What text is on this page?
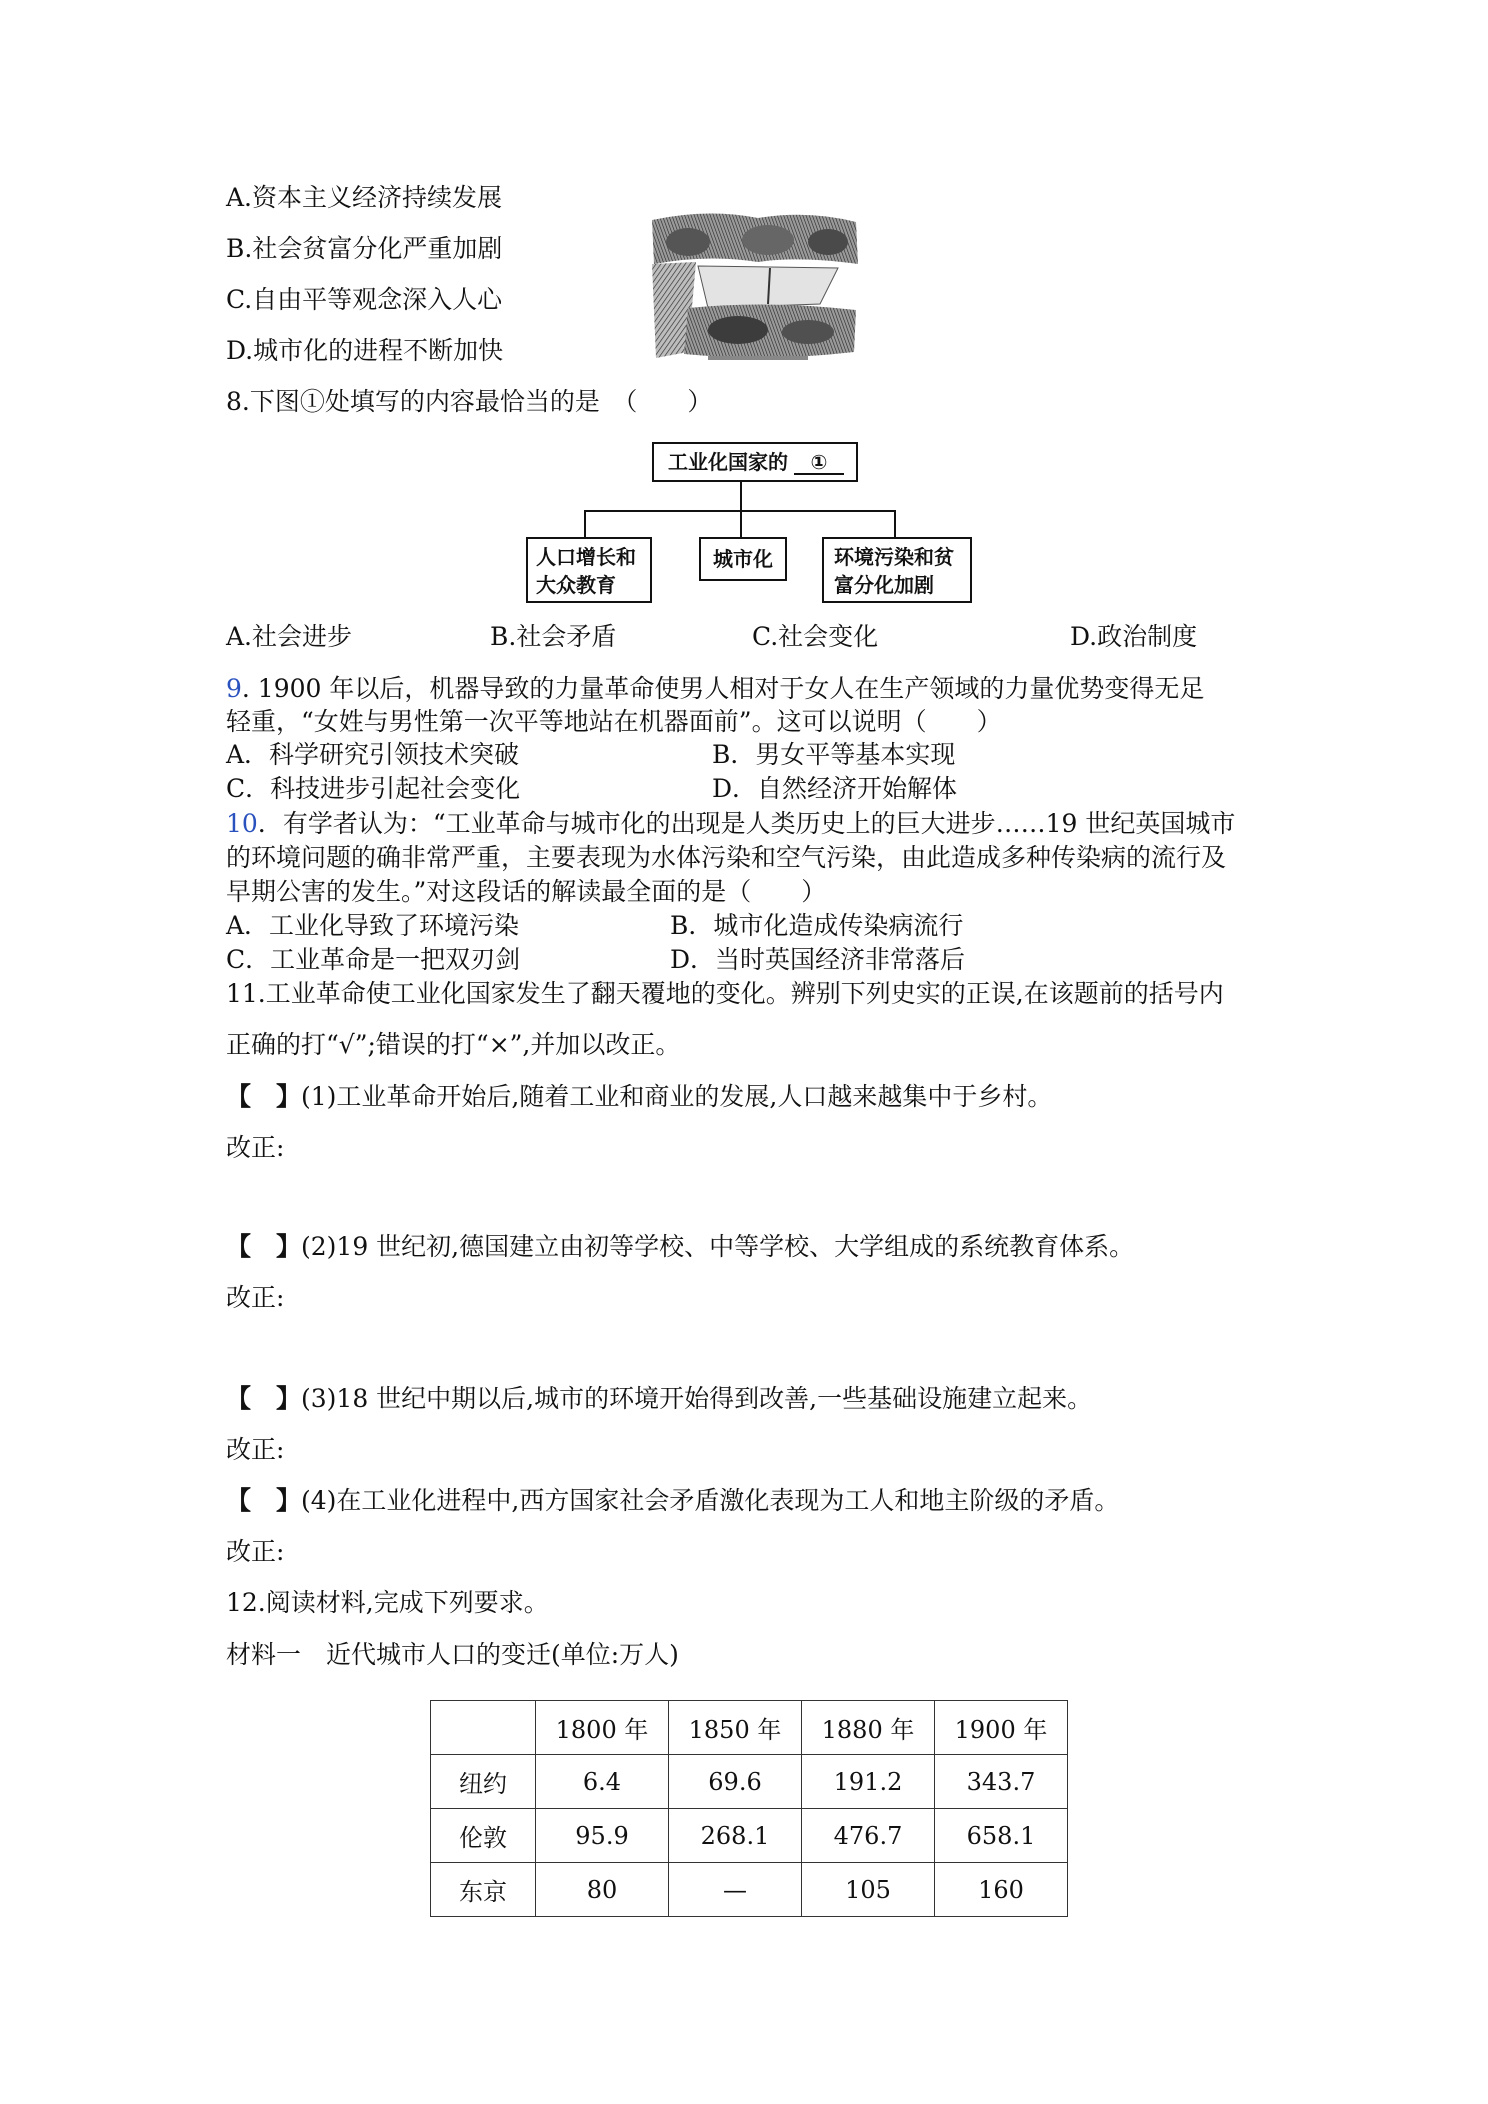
A.资本主义经济持续发展
B.社会贫富分化严重加剧
C.自由平等观念深入人心
D.城市化的进程不断加快
8.下图①处填写的内容最恰当的是　（　　）
工业化国家的 ①
人口增长和
大众教育
城市化	环境污染和贫
富分化加剧
A.社会进步	B.社会矛盾	C.社会变化	D.政治制度
9. 1900 年以后，机器导致的力量革命使男人相对于女人在生产领域的力量优势变得无足
轻重，“女姓与男性第一次平等地站在机器面前”。这可以说明（　　）
A．科学研究引领技术突破	B．男女平等基本实现
C．科技进步引起社会变化	D．自然经济开始解体
10．有学者认为：“工业革命与城市化的出现是人类历史上的巨大进步……19 世纪英国城市
的环境问题的确非常严重，主要表现为水体污染和空气污染，由此造成多种传染病的流行及
早期公害的发生。”对这段话的解读最全面的是（　　）
A．工业化导致了环境污染	B．城市化造成传染病流行
C．工业革命是一把双刃剑	D．当时英国经济非常落后
11.工业革命使工业化国家发生了翻天覆地的变化。辨别下列史实的正误,在该题前的括号内
正确的打“√”;错误的打“×”,并加以改正。
【　】(1)工业革命开始后,随着工业和商业的发展,人口越来越集中于乡村。
改正:
【　】(2)19 世纪初,德国建立由初等学校、中等学校、大学组成的系统教育体系。
改正:
【　】(3)18 世纪中期以后,城市的环境开始得到改善,一些基础设施建立起来。
改正:
【　】(4)在工业化进程中,西方国家社会矛盾激化表现为工人和地主阶级的矛盾。
改正:
12.阅读材料,完成下列要求。
材料一　近代城市人口的变迁(单位:万人)
	1800 年	1850 年	1880 年	1900 年
纽约	6.4	69.6	191.2	343.7
伦敦	95.9	268.1	476.7	658.1
东京	80	—	105	160
